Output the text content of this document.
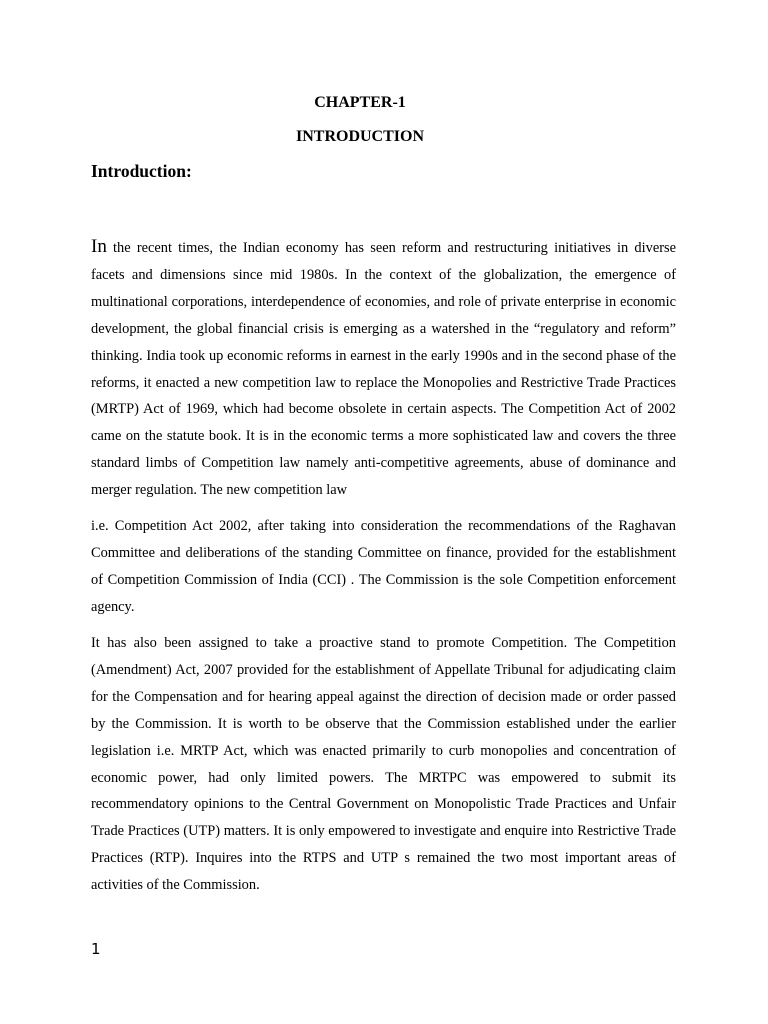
CHAPTER-1
INTRODUCTION
Introduction:

In the recent times, the Indian economy has seen reform and restructuring initiatives in diverse facets and dimensions since mid 1980s. In the context of the globalization, the emergence of multinational corporations, interdependence of economies, and role of private enterprise in economic development, the global financial crisis is emerging as a watershed in the “regulatory and reform” thinking. India took up economic reforms in earnest in the early 1990s and in the second phase of the reforms, it enacted a new competition law to replace the Monopolies and Restrictive Trade Practices (MRTP) Act of 1969, which had become obsolete in certain aspects. The Competition Act of 2002 came on the statute book. It is in the economic terms a more sophisticated law and covers the three standard limbs of Competition law namely anti-competitive agreements, abuse of dominance and merger regulation. The new competition law

i.e. Competition Act 2002, after taking into consideration the recommendations of the Raghavan Committee and deliberations of the standing Committee on finance, provided for the establishment of Competition Commission of India (CCI) . The Commission is the sole Competition enforcement agency.

It has also been assigned to take a proactive stand to promote Competition. The Competition (Amendment) Act, 2007 provided for the establishment of Appellate Tribunal for adjudicating claim for the Compensation and for hearing appeal against the direction of decision made or order passed by the Commission. It is worth to be observe that the Commission established under the earlier legislation i.e. MRTP Act, which was enacted primarily to curb monopolies and concentration of economic power, had only limited powers. The MRTPC was empowered to submit its recommendatory opinions to the Central Government on Monopolistic Trade Practices and Unfair Trade Practices (UTP) matters. It is only empowered to investigate and enquire into Restrictive Trade Practices (RTP). Inquires into the RTPS and UTP s remained the two most important areas of activities of the Commission.

1
